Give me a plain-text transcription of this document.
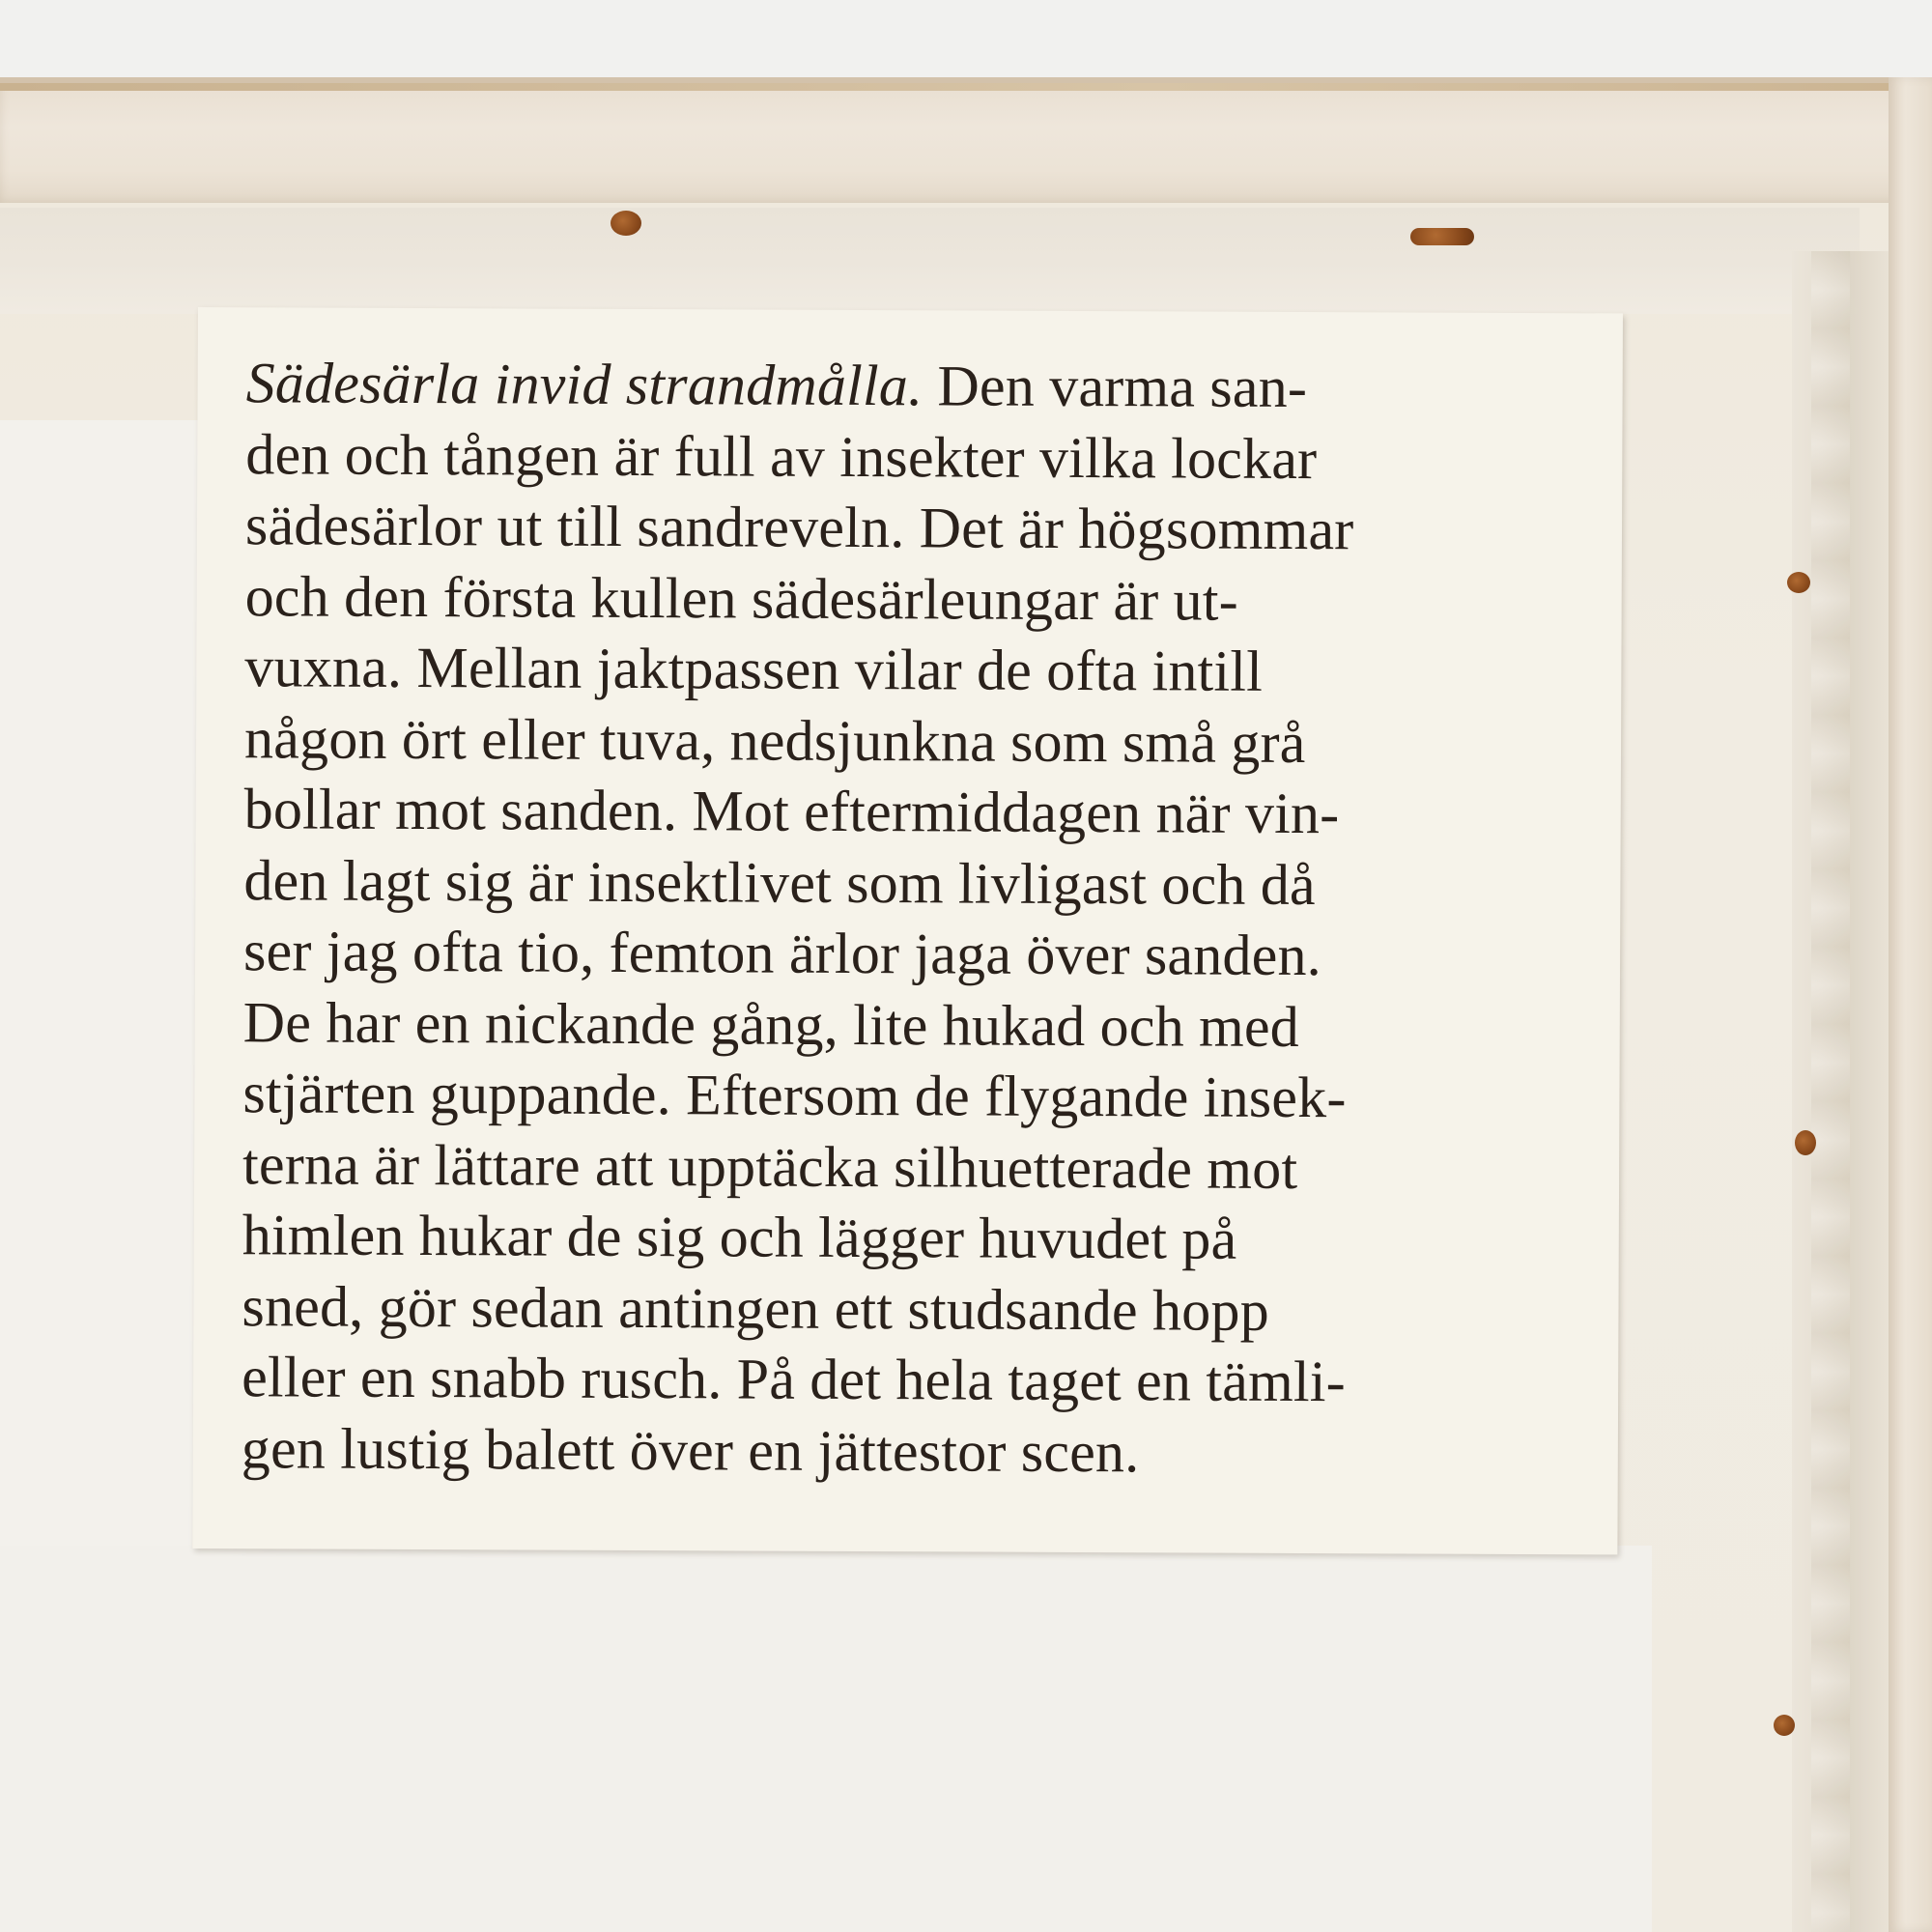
Sädesärla invid strandmålla. Den varma san-
den och tången är full av insekter vilka lockar
sädesärlor ut till sandreveln. Det är högsommar
och den första kullen sädesärleungar är ut-
vuxna. Mellan jaktpassen vilar de ofta intill
någon ört eller tuva, nedsjunkna som små grå
bollar mot sanden. Mot eftermiddagen när vin-
den lagt sig är insektlivet som livligast och då
ser jag ofta tio, femton ärlor jaga över sanden.
De har en nickande gång, lite hukad och med
stjärten guppande. Eftersom de flygande insek-
terna är lättare att upptäcka silhuetterade mot
himlen hukar de sig och lägger huvudet på
sned, gör sedan antingen ett studsande hopp
eller en snabb rusch. På det hela taget en tämli-
gen lustig balett över en jättestor scen.
